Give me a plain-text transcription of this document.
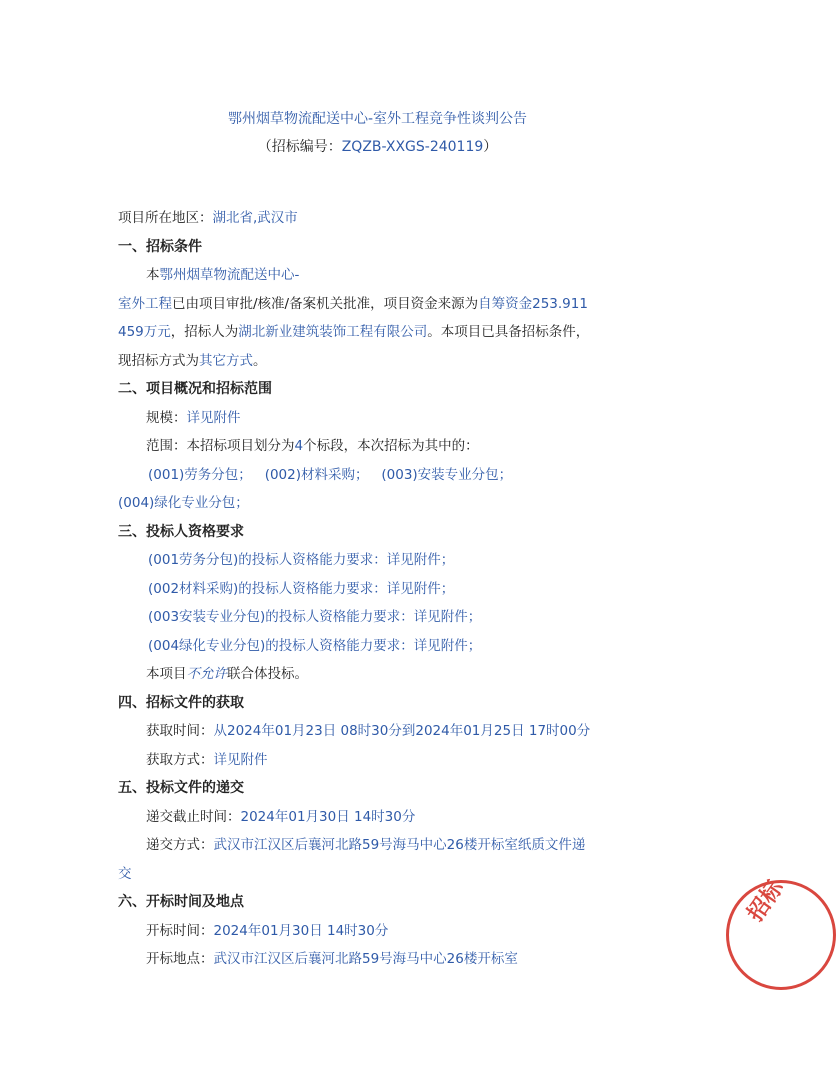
鄂州烟草物流配送中心-室外工程竞争性谈判公告
（招标编号：ZQZB-XXGS-240119）
项目所在地区：湖北省,武汉市
一、招标条件
本鄂州烟草物流配送中心-
室外工程已由项目审批/核准/备案机关批准，项目资金来源为自筹资金253.911
459万元，招标人为湖北新业建筑装饰工程有限公司。本项目已具备招标条件，
现招标方式为其它方式。
二、项目概况和招标范围
规模：详见附件
范围：本招标项目划分为4个标段，本次招标为其中的：
(001)劳务分包； (002)材料采购； (003)安装专业分包；
(004)绿化专业分包；
三、投标人资格要求
(001劳务分包)的投标人资格能力要求：详见附件；
(002材料采购)的投标人资格能力要求：详见附件；
(003安装专业分包)的投标人资格能力要求：详见附件；
(004绿化专业分包)的投标人资格能力要求：详见附件；
本项目不允许联合体投标。
四、招标文件的获取
获取时间：从2024年01月23日 08时30分到2024年01月25日 17时00分
获取方式：详见附件
五、投标文件的递交
递交截止时间：2024年01月30日 14时30分
递交方式：武汉市江汉区后襄河北路59号海马中心26楼开标室纸质文件递
交
六、开标时间及地点
开标时间：2024年01月30日 14时30分
开标地点：武汉市江汉区后襄河北路59号海马中心26楼开标室
招标
